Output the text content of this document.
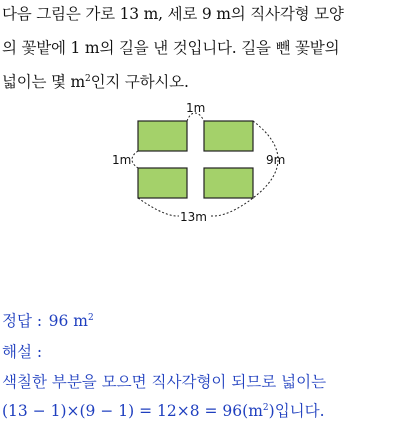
다음 그림은 가로 13 m, 세로 9 m의 직사각형 모양
의 꽃밭에 1 m의 길을 낸 것입니다. 길을 뺀 꽃밭의
넓이는 몇 $m^2$인지 구하시오.
1m
1m	9m
13m
정답 :  96 $m^2$
해설 :
색칠한 부분을 모으면 직사각형이 되므로 넓이는
$(13 - 1)\times(9 - 1) = 12\times 8 = 96(m^2)$입니다.
